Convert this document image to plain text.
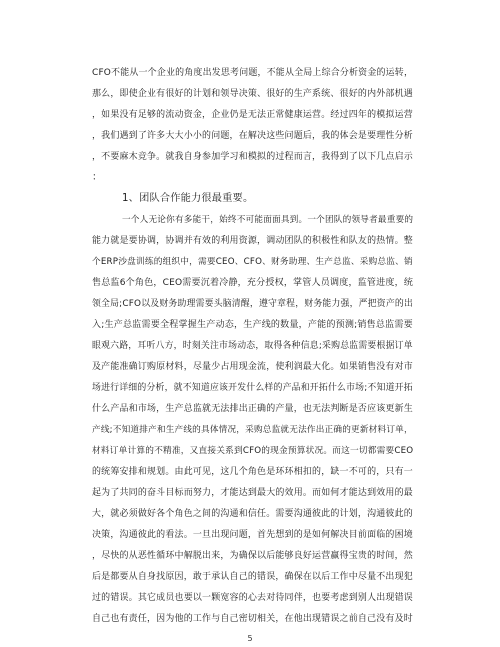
CFO不能从一个企业的角度出发思考问题，不能从全局上综合分析资金的运转，
那么，即使企业有很好的计划和领导决策、很好的生产系统、很好的内外部机遇
，如果没有足够的流动资金，企业仍是无法正常健康运营。经过四年的模拟运营
，我们遇到了许多大大小小的问题，在解决这些问题后，我的体会是要理性分析
，不要麻木竞争。就我自身参加学习和模拟的过程而言，我得到了以下几点启示
：
1、团队合作能力很最重要。
一个人无论你有多能干，始终不可能面面具到。一个团队的领导者最重要的
能力就是要协调，协调并有效的利用资源，调动团队的积极性和队友的热情。整
个ERP沙盘训练的组织中，需要CEO、CFO、财务助理、生产总监、采购总监、销
售总监6个角色，CEO需要沉着冷静，充分授权，掌管人员调度，监管进度，统
领全局;CFO以及财务助理需要头脑清醒，遵守章程，财务能力强，严把资产的出
入;生产总监需要全程掌握生产动态，生产线的数量，产能的预测;销售总监需要
眼观六路，耳听八方，时刻关注市场动态，取得各种信息;采购总监需要根据订单
及产能准确订购原材料，尽量少占用现金流，使利润最大化。如果销售没有对市
场进行详细的分析，就不知道应该开发什么样的产品和开拓什么市场;不知道开拓
什么产品和市场，生产总监就无法排出正确的产量，也无法判断是否应该更新生
产线;不知道排产和生产线的具体情况，采购总监就无法作出正确的更新材料订单，
材料订单计算的不精准，又直接关系到CFO的现金预算状况。而这一切都需要CEO
的统筹安排和规划。由此可见，这几个角色是环环相扣的，缺一不可的，只有一
起为了共同的奋斗目标而努力，才能达到最大的效用。而如何才能达到效用的最
大，就必须做好各个角色之间的沟通和信任。需要沟通彼此的计划，沟通彼此的
决策，沟通彼此的看法。一旦出现问题，首先想到的是如何解决目前面临的困境
，尽快的从恶性循环中解脱出来，为确保以后能够良好运营赢得宝贵的时间，然
后是都要从自身找原因，敢于承认自己的错误，确保在以后工作中尽量不出现犯
过的错误。其它成员也要以一颗宽容的心去对待同伴，也要考虑到别人出现错误
自己也有责任，因为他的工作与自己密切相关，在他出现错误之前自己没有及时
5
